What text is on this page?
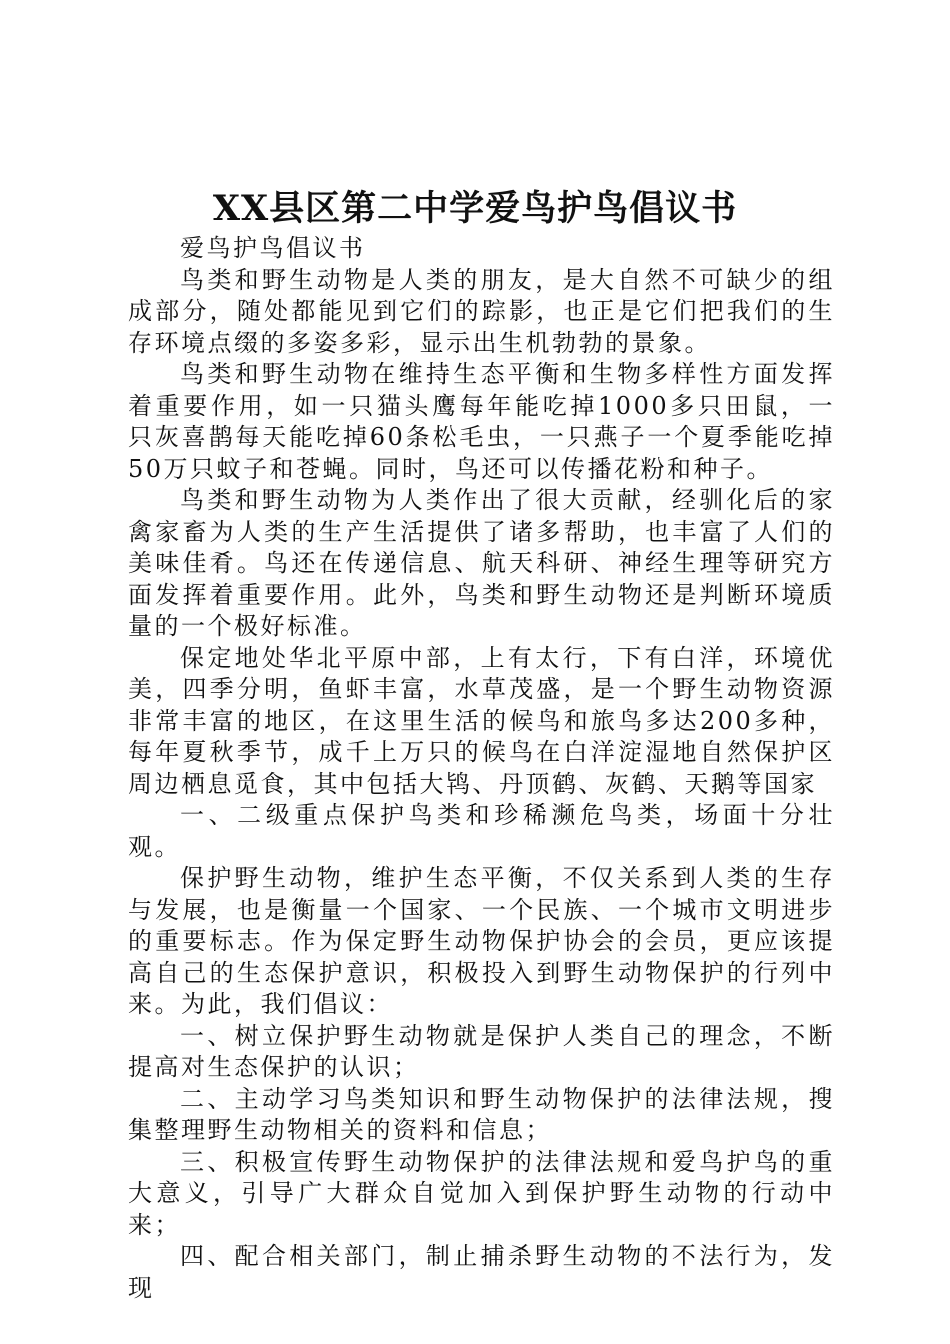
XX县区第二中学爱鸟护鸟倡议书

爱鸟护鸟倡议书

鸟类和野生动物是人类的朋友，是大自然不可缺少的组成部分，随处都能见到它们的踪影，也正是它们把我们的生存环境点缀的多姿多彩，显示出生机勃勃的景象。

鸟类和野生动物在维持生态平衡和生物多样性方面发挥着重要作用，如一只猫头鹰每年能吃掉1000多只田鼠，一只灰喜鹊每天能吃掉60条松毛虫，一只燕子一个夏季能吃掉50万只蚊子和苍蝇。同时，鸟还可以传播花粉和种子。

鸟类和野生动物为人类作出了很大贡献，经驯化后的家禽家畜为人类的生产生活提供了诸多帮助，也丰富了人们的美味佳肴。鸟还在传递信息、航天科研、神经生理等研究方面发挥着重要作用。此外，鸟类和野生动物还是判断环境质量的一个极好标准。

保定地处华北平原中部，上有太行，下有白洋，环境优美，四季分明，鱼虾丰富，水草茂盛，是一个野生动物资源非常丰富的地区，在这里生活的候鸟和旅鸟多达200多种，每年夏秋季节，成千上万只的候鸟在白洋淀湿地自然保护区周边栖息觅食，其中包括大鸨、丹顶鹤、灰鹤、天鹅等国家

一、二级重点保护鸟类和珍稀濒危鸟类，场面十分壮观。

保护野生动物，维护生态平衡，不仅关系到人类的生存与发展，也是衡量一个国家、一个民族、一个城市文明进步的重要标志。作为保定野生动物保护协会的会员，更应该提高自己的生态保护意识，积极投入到野生动物保护的行列中来。为此，我们倡议：

一、树立保护野生动物就是保护人类自己的理念，不断提高对生态保护的认识；

二、主动学习鸟类知识和野生动物保护的法律法规，搜集整理野生动物相关的资料和信息；

三、积极宣传野生动物保护的法律法规和爱鸟护鸟的重大意义，引导广大群众自觉加入到保护野生动物的行动中来；

四、配合相关部门，制止捕杀野生动物的不法行为，发现
